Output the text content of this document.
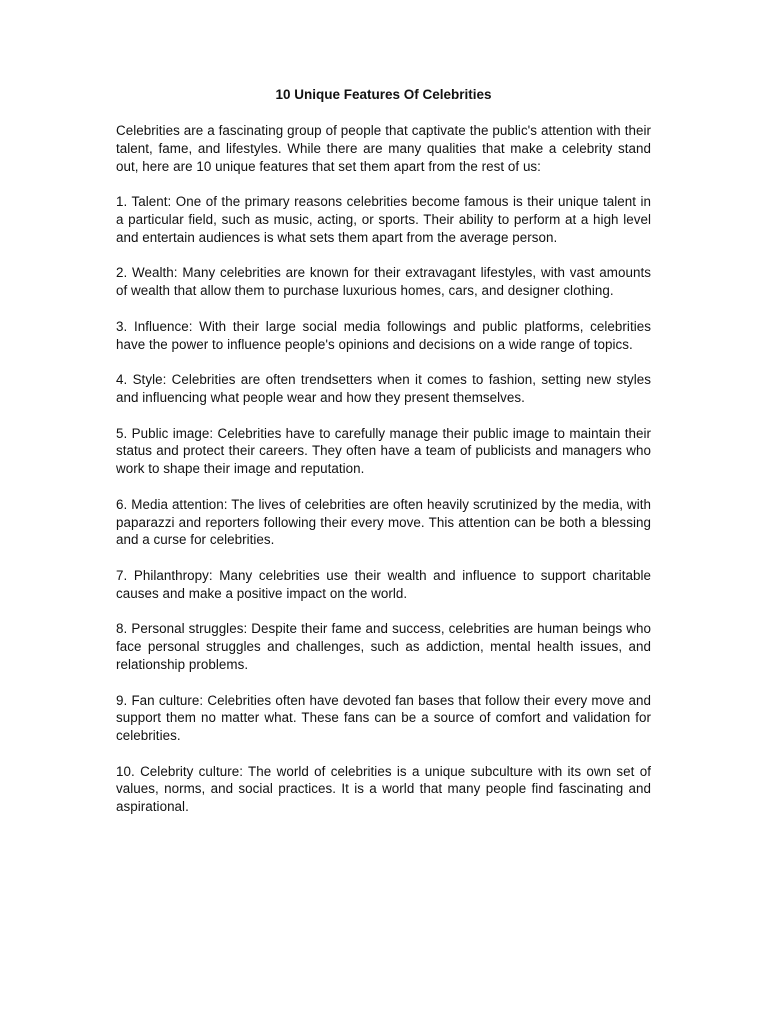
10 Unique Features Of Celebrities

Celebrities are a fascinating group of people that captivate the public's attention with their talent, fame, and lifestyles. While there are many qualities that make a celebrity stand out, here are 10 unique features that set them apart from the rest of us:

1. Talent: One of the primary reasons celebrities become famous is their unique talent in a particular field, such as music, acting, or sports. Their ability to perform at a high level and entertain audiences is what sets them apart from the average person.

2. Wealth: Many celebrities are known for their extravagant lifestyles, with vast amounts of wealth that allow them to purchase luxurious homes, cars, and designer clothing.

3. Influence: With their large social media followings and public platforms, celebrities have the power to influence people's opinions and decisions on a wide range of topics.

4. Style: Celebrities are often trendsetters when it comes to fashion, setting new styles and influencing what people wear and how they present themselves.

5. Public image: Celebrities have to carefully manage their public image to maintain their status and protect their careers. They often have a team of publicists and managers who work to shape their image and reputation.

6. Media attention: The lives of celebrities are often heavily scrutinized by the media, with paparazzi and reporters following their every move. This attention can be both a blessing and a curse for celebrities.

7. Philanthropy: Many celebrities use their wealth and influence to support charitable causes and make a positive impact on the world.

8. Personal struggles: Despite their fame and success, celebrities are human beings who face personal struggles and challenges, such as addiction, mental health issues, and relationship problems.

9. Fan culture: Celebrities often have devoted fan bases that follow their every move and support them no matter what. These fans can be a source of comfort and validation for celebrities.

10. Celebrity culture: The world of celebrities is a unique subculture with its own set of values, norms, and social practices. It is a world that many people find fascinating and aspirational.
